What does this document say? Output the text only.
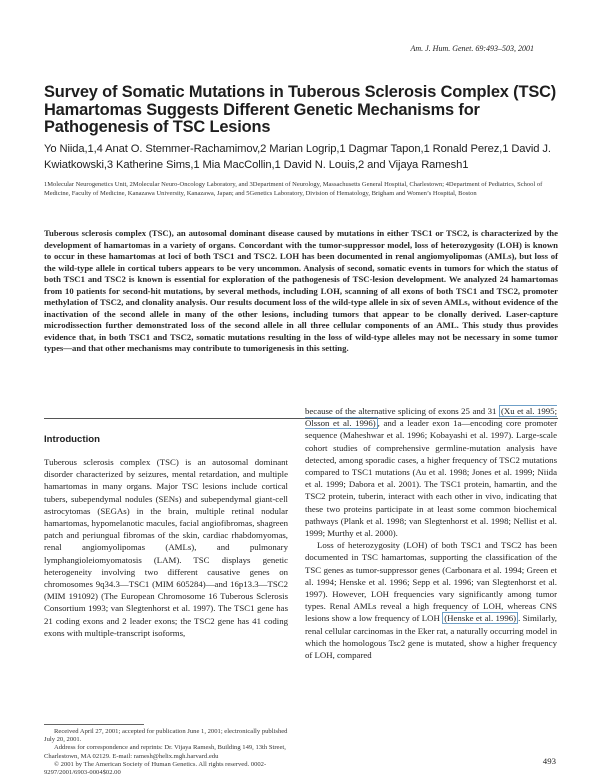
Am. J. Hum. Genet. 69:493–503, 2001
Survey of Somatic Mutations in Tuberous Sclerosis Complex (TSC) Hamartomas Suggests Different Genetic Mechanisms for Pathogenesis of TSC Lesions
Yo Niida,1,4 Anat O. Stemmer-Rachamimov,2 Marian Logrip,1 Dagmar Tapon,1 Ronald Perez,1 David J. Kwiatkowski,3 Katherine Sims,1 Mia MacCollin,1 David N. Louis,2 and Vijaya Ramesh1
1Molecular Neurogenetics Unit, 2Molecular Neuro-Oncology Laboratory, and 3Department of Neurology, Massachusetts General Hospital, Charlestown; 4Department of Pediatrics, School of Medicine, Faculty of Medicine, Kanazawa University, Kanazawa, Japan; and 5Genetics Laboratory, Division of Hematology, Brigham and Women’s Hospital, Boston
Tuberous sclerosis complex (TSC), an autosomal dominant disease caused by mutations in either TSC1 or TSC2, is characterized by the development of hamartomas in a variety of organs. Concordant with the tumor-suppressor model, loss of heterozygosity (LOH) is known to occur in these hamartomas at loci of both TSC1 and TSC2. LOH has been documented in renal angiomyolipomas (AMLs), but loss of the wild-type allele in cortical tubers appears to be very uncommon. Analysis of second, somatic events in tumors for which the status of both TSC1 and TSC2 is known is essential for exploration of the pathogenesis of TSC-lesion development. We analyzed 24 hamartomas from 10 patients for second-hit mutations, by several methods, including LOH, scanning of all exons of both TSC1 and TSC2, promoter methylation of TSC2, and clonality analysis. Our results document loss of the wild-type allele in six of seven AMLs, without evidence of the inactivation of the second allele in many of the other lesions, including tumors that appear to be clonally derived. Laser-capture microdissection further demonstrated loss of the second allele in all three cellular components of an AML. This study thus provides evidence that, in both TSC1 and TSC2, somatic mutations resulting in the loss of wild-type alleles may not be necessary in some tumor types—and that other mechanisms may contribute to tumorigenesis in this setting.
Introduction

Tuberous sclerosis complex (TSC) is an autosomal dominant disorder characterized by seizures, mental retardation, and multiple hamartomas in many organs. Major TSC lesions include cortical tubers, subependymal nodules (SENs) and subependymal giant-cell astrocytomas (SEGAs) in the brain, multiple retinal nodular hamartomas, hypomelanotic macules, facial angiofibromas, shagreen patch and periungual fibromas of the skin, cardiac rhabdomyomas, renal angiomyolipomas (AMLs), and pulmonary lymphangioleiomyomatosis (LAM). TSC displays genetic heterogeneity involving two different causative genes on chromosomes 9q34.3—TSC1 (MIM 605284)—and 16p13.3—TSC2 (MIM 191092) (The European Chromosome 16 Tuberous Sclerosis Consortium 1993; van Slegtenhorst et al. 1997). The TSC1 gene has 21 coding exons and 2 leader exons; the TSC2 gene has 41 coding exons with multiple-transcript isoforms,

because of the alternative splicing of exons 25 and 31 (Xu et al. 1995; Olsson et al. 1996) , and a leader exon 1a—encoding core promoter sequence (Maheshwar et al. 1996; Kobayashi et al. 1997). Large-scale cohort studies of comprehensive germline-mutation analysis have detected, among sporadic cases, a higher frequency of TSC2 mutations compared to TSC1 mutations (Au et al. 1998; Jones et al. 1999; Niida et al. 1999; Dabora et al. 2001). The TSC1 protein, hamartin, and the TSC2 protein, tuberin, interact with each other in vivo, indicating that these two proteins participate in at least some common biochemical pathways (Plank et al. 1998; van Slegtenhorst et al. 1998; Nellist et al. 1999; Murthy et al. 2000).

Loss of heterozygosity (LOH) of both TSC1 and TSC2 has been documented in TSC hamartomas, supporting the classification of the TSC genes as tumor-suppressor genes (Carbonara et al. 1994; Green et al. 1994; Henske et al. 1996; Sepp et al. 1996; van Slegtenhorst et al. 1997). However, LOH frequencies vary significantly among tumor types. Renal AMLs reveal a high frequency of LOH, whereas CNS lesions show a low frequency of LOH (Henske et al. 1996) . Similarly, renal cellular carcinomas in the Eker rat, a naturally occurring model in which the homologous Tsc2 gene is mutated, show a higher frequency of LOH, compared

Received April 27, 2001; accepted for publication June 1, 2001; electronically published July 20, 2001.

Address for correspondence and reprints: Dr. Vijaya Ramesh, Building 149, 13th Street, Charlestown, MA 02129. E-mail: ramesh@helix.mgh.harvard.edu

© 2001 by The American Society of Human Genetics. All rights reserved. 0002-9297/2001/6903-0004$02.00

493
